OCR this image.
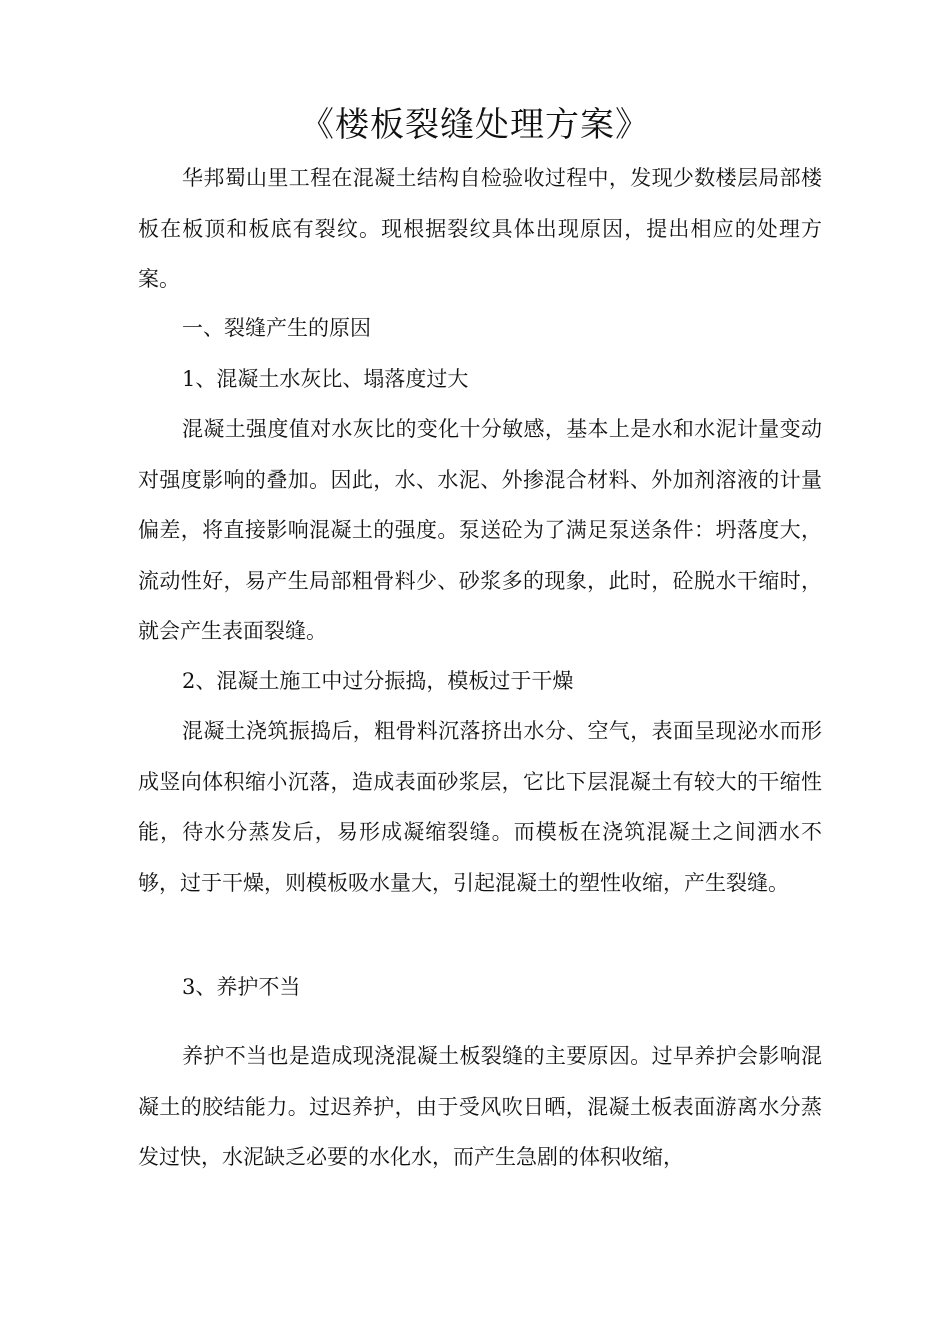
《楼板裂缝处理方案》
华邦蜀山里工程在混凝土结构自检验收过程中，发现少数楼层局部楼板在板顶和板底有裂纹。现根据裂纹具体出现原因，提出相应的处理方案。
一、裂缝产生的原因
1、混凝土水灰比、塌落度过大
混凝土强度值对水灰比的变化十分敏感，基本上是水和水泥计量变动对强度影响的叠加。因此，水、水泥、外掺混合材料、外加剂溶液的计量偏差，将直接影响混凝土的强度。泵送砼为了满足泵送条件：坍落度大，流动性好，易产生局部粗骨料少、砂浆多的现象，此时，砼脱水干缩时，就会产生表面裂缝。
2、混凝土施工中过分振捣，模板过于干燥
混凝土浇筑振捣后，粗骨料沉落挤出水分、空气，表面呈现泌水而形成竖向体积缩小沉落，造成表面砂浆层，它比下层混凝土有较大的干缩性能，待水分蒸发后，易形成凝缩裂缝。而模板在浇筑混凝土之间洒水不够，过于干燥，则模板吸水量大，引起混凝土的塑性收缩，产生裂缝。
3、养护不当
养护不当也是造成现浇混凝土板裂缝的主要原因。过早养护会影响混凝土的胶结能力。过迟养护，由于受风吹日晒，混凝土板表面游离水分蒸发过快，水泥缺乏必要的水化水，而产生急剧的体积收缩，
